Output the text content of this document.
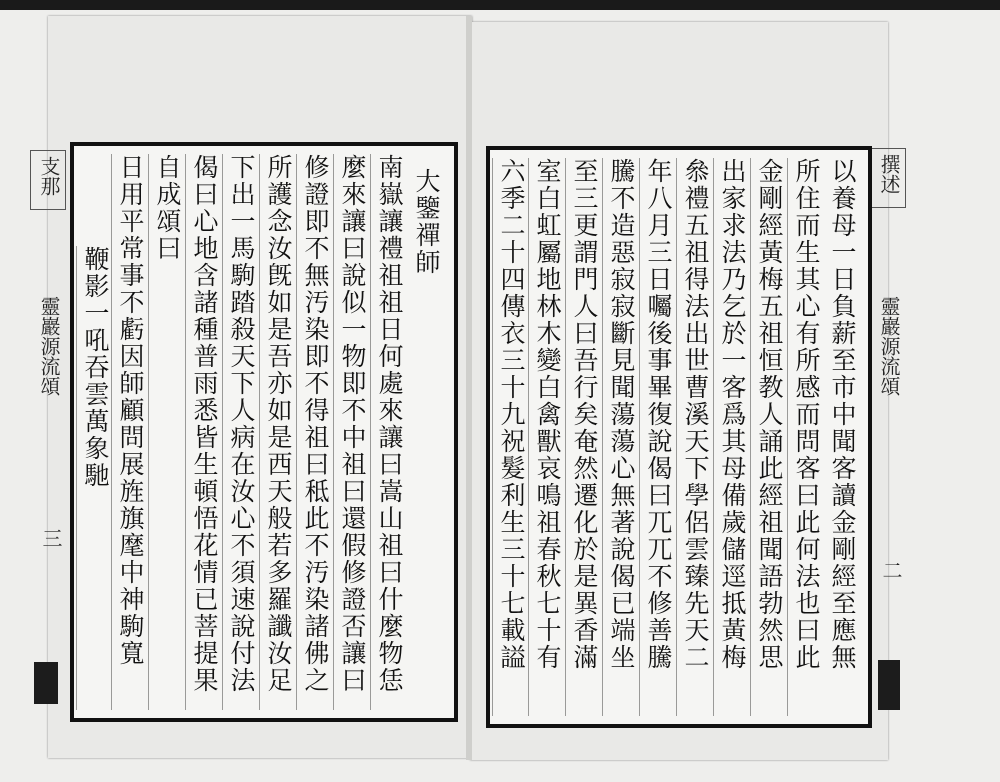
支那
靈巖源流頌
三
撰述
靈巖源流頌
二
大鑒禪師
南嶽讓禮祖祖日何處來讓曰嵩山祖曰什麼物恁
麼來讓曰說似一物即不中祖曰還假修證否讓曰
修證即不無汚染即不得祖曰秪此不汚染諸佛之
所護念汝旣如是吾亦如是西天般若多羅讖汝足
下出一馬駒踏殺天下人病在汝心不須速說付法
偈曰心地含諸種普雨悉皆生頓悟花情已菩提果
自成頌曰
日用平常事不虧因師顧問展旌旗麾中神駒寬
鞭影一吼吞雲萬象馳	以養母一日負薪至市中聞客讀金剛經至應無
所住而生其心有所感而問客曰此何法也曰此
金剛經黃梅五祖恒教人誦此經祖聞語勃然思
出家求法乃乞於一客爲其母備歲儲逕抵黃梅
叅禮五祖得法出世曹溪天下學侶雲臻先天二
年八月三日囑後事畢復說偈曰兀兀不修善騰
騰不造惡寂寂斷見聞蕩蕩心無著說偈已端坐
至三更謂門人曰吾行矣奄然遷化於是異香滿
室白虹屬地林木變白禽獸哀鳴祖春秋七十有
六季二十四傳衣三十九祝髮利生三十七載謚
